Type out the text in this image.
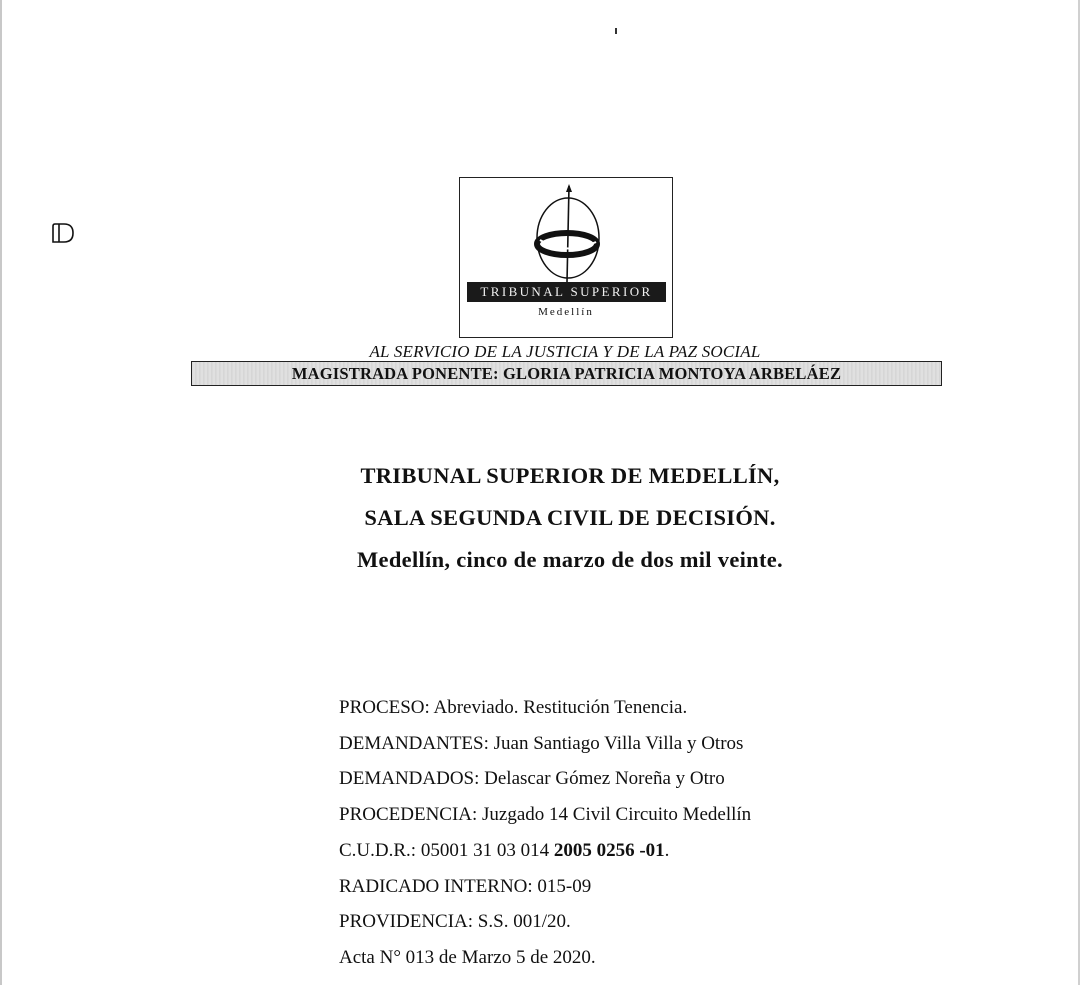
TRIBUNAL SUPERIOR
Medellín
AL SERVICIO DE LA JUSTICIA Y DE LA PAZ SOCIAL
MAGISTRADA PONENTE: GLORIA PATRICIA MONTOYA ARBELÁEZ
TRIBUNAL SUPERIOR DE MEDELLÍN,
SALA SEGUNDA CIVIL DE DECISIÓN.
Medellín, cinco de marzo de dos mil veinte.
PROCESO: Abreviado. Restitución Tenencia.
DEMANDANTES: Juan Santiago Villa Villa y Otros
DEMANDADOS: Delascar Gómez Noreña y Otro
PROCEDENCIA: Juzgado 14 Civil Circuito Medellín
C.U.D.R.: 05001 31 03 014 2005 0256 -01.
RADICADO INTERNO: 015-09
PROVIDENCIA: S.S. 001/20.
Acta N° 013 de Marzo 5 de 2020.
